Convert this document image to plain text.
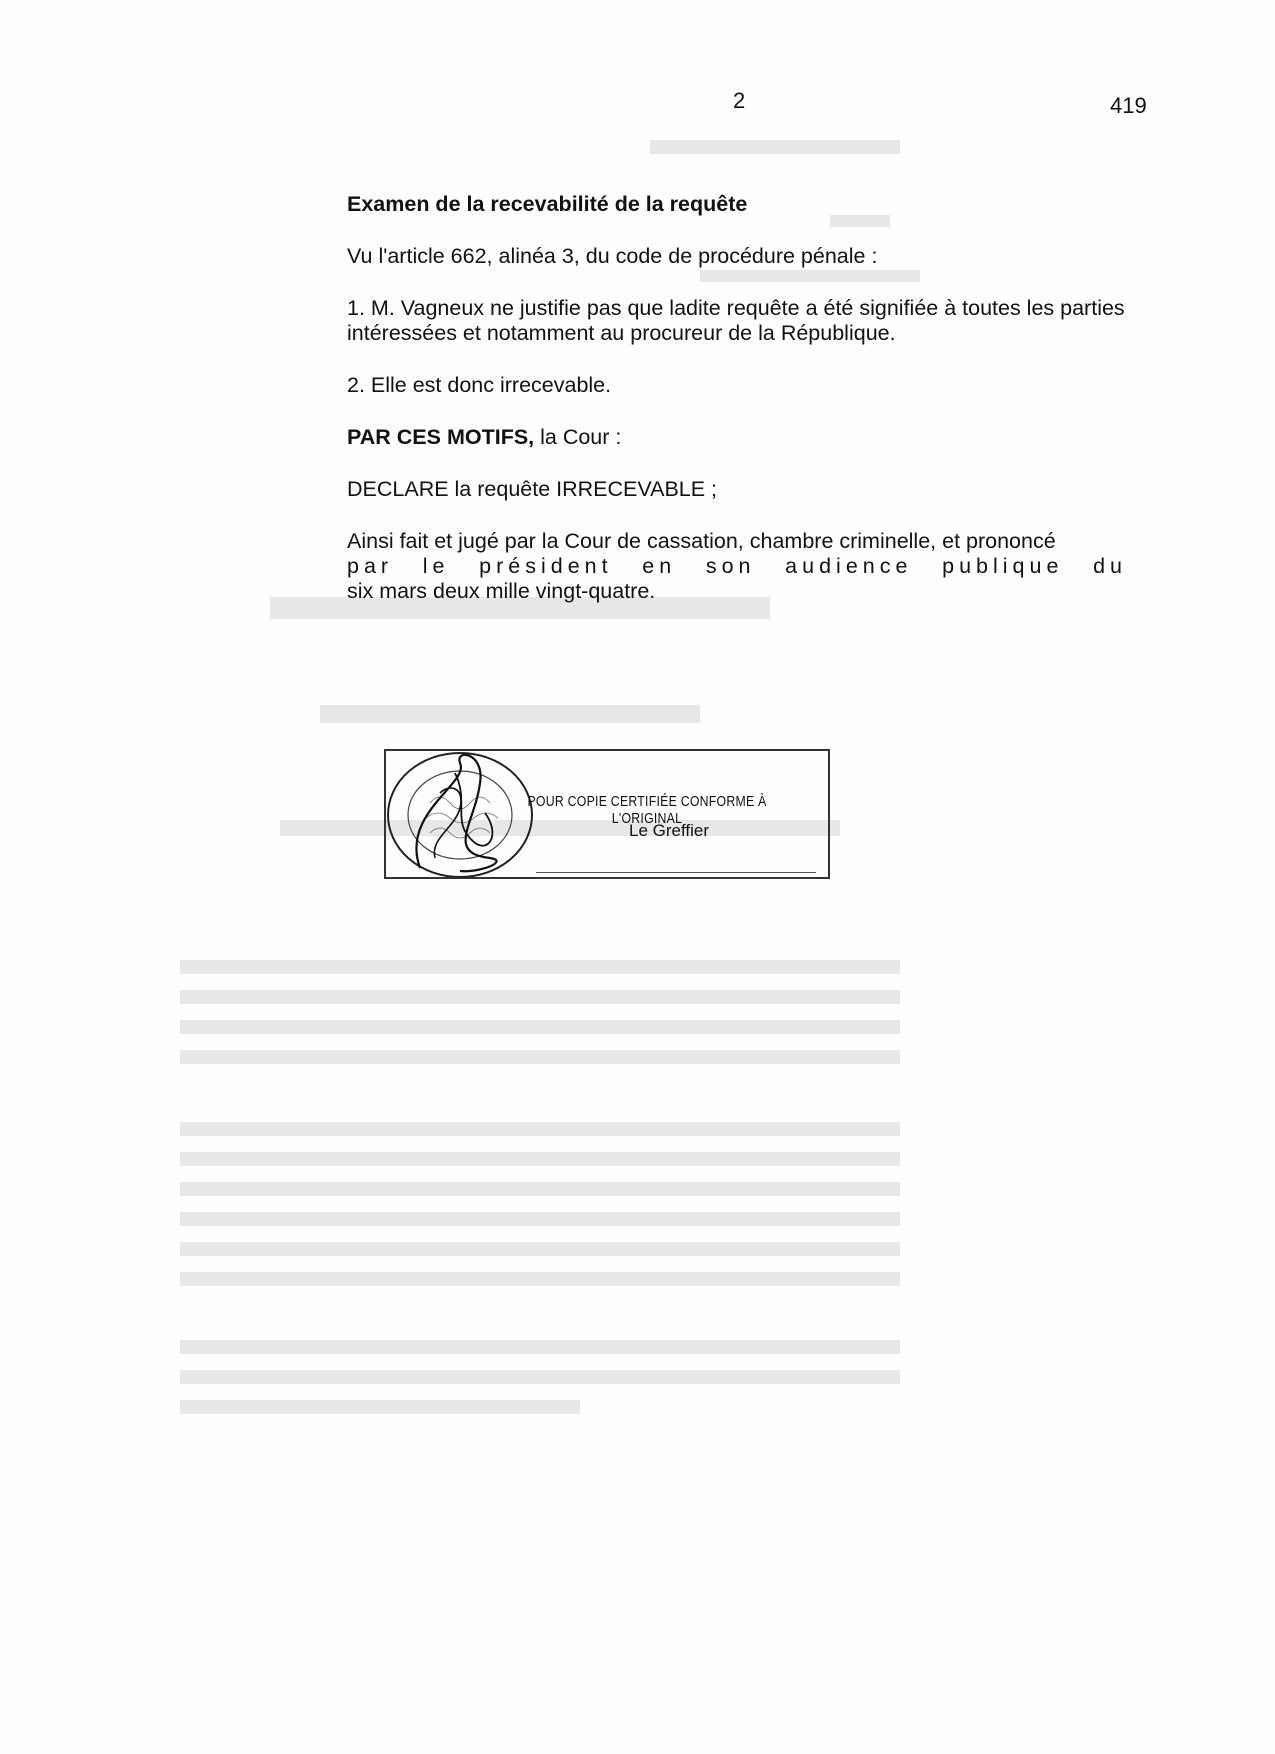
2	419

Examen de la recevabilité de la requête

Vu l'article 662, alinéa 3, du code de procédure pénale :

1. M. Vagneux ne justifie pas que ladite requête a été signifiée à toutes les parties intéressées et notamment au procureur de la République.

2. Elle est donc irrecevable.

PAR CES MOTIFS, la Cour :

DECLARE la requête IRRECEVABLE ;

Ainsi fait et jugé par la Cour de cassation, chambre criminelle, et prononcé
par le président en son audience publique du
six mars deux mille vingt-quatre.

POUR COPIE CERTIFIÉE CONFORME À L'ORIGINAL
Le Greffier
